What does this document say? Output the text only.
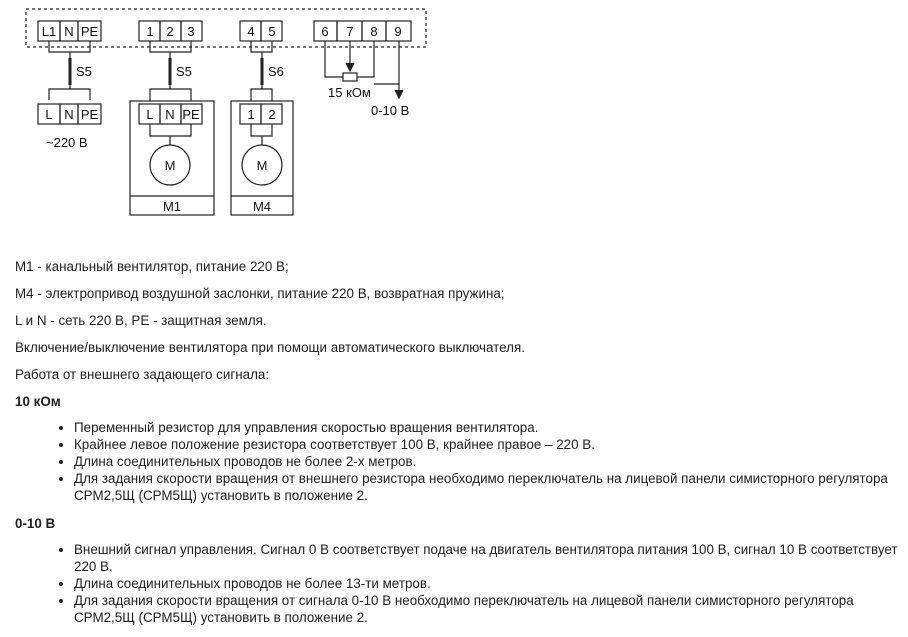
L1 N PE	1 2 3	4 5	6 7 8 9
S5	S5	S6
L N PE
~220 В
L N PE
M
M1
1 2
M
M4
15 кОм
0-10 В

M1 - канальный вентилятор, питание 220 В;

M4 - электропривод воздушной заслонки, питание 220 В, возвратная пружина;

L и N - сеть 220 В, PE - защитная земля.

Включение/выключение вентилятора при помощи автоматического выключателя.

Работа от внешнего задающего сигнала:

10 кОм
• Переменный резистор для управления скоростью вращения вентилятора.
• Крайнее левое положение резистора соответствует 100 В, крайнее правое – 220 В.
• Длина соединительных проводов не более 2-х метров.
• Для задания скорости вращения от внешнего резистора необходимо переключатель на лицевой панели симисторного регулятора СРМ2,5Щ (СРМ5Щ) установить в положение 2.
0-10 В
• Внешний сигнал управления. Сигнал 0 В соответствует подаче на двигатель вентилятора питания 100 В, сигнал 10 В соответствует 220 В.
• Длина соединительных проводов не более 13-ти метров.
• Для задания скорости вращения от сигнала 0-10 В необходимо переключатель на лицевой панели симисторного регулятора СРМ2,5Щ (СРМ5Щ) установить в положение 2.
